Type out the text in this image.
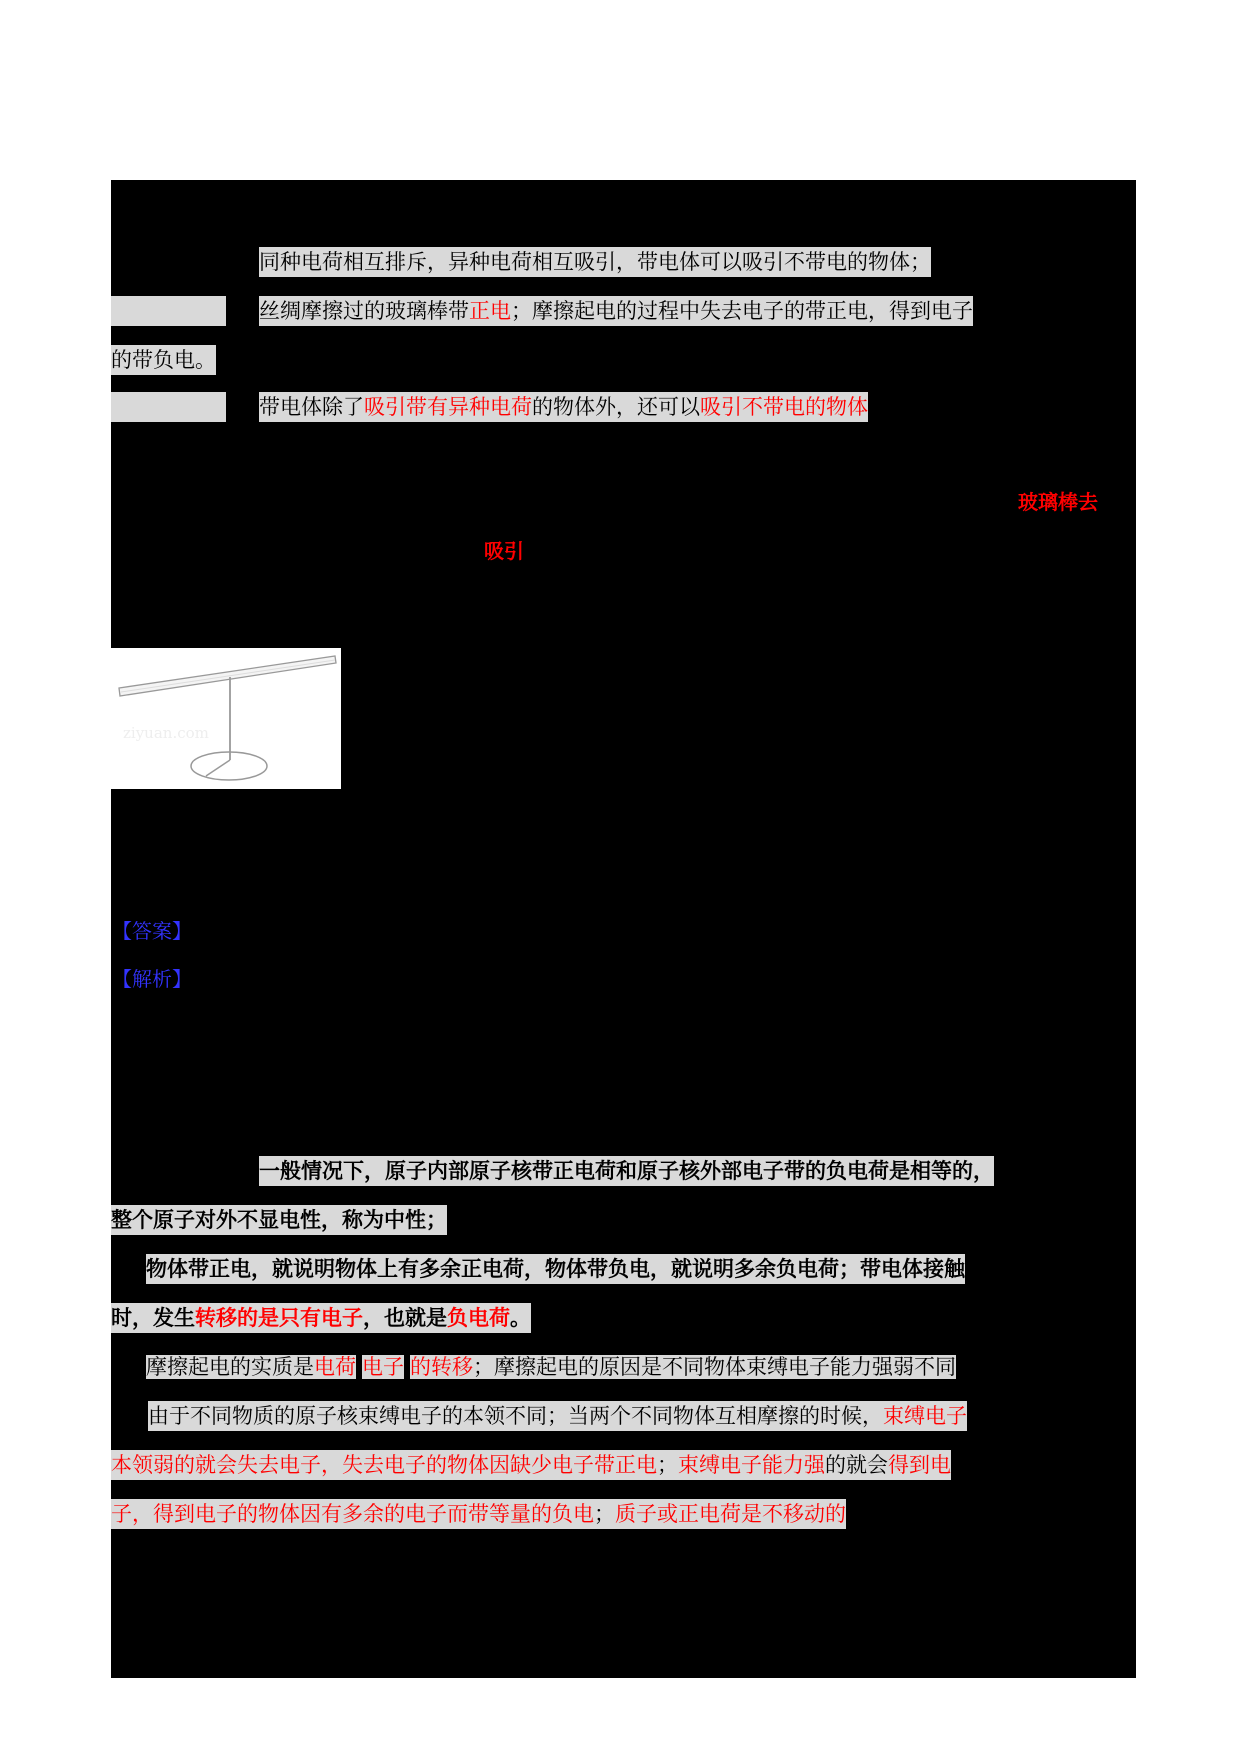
同种电荷相互排斥，异种电荷相互吸引，带电体可以吸引不带电的物体；
丝绸摩擦过的玻璃棒带正电；摩擦起电的过程中失去电子的带正电，得到电子
的带负电。
带电体除了吸引带有异种电荷的物体外，还可以吸引不带电的物体
玻璃棒去
吸引
ziyuan.com
【答案】
【解析】
一般情况下，原子内部原子核带正电荷和原子核外部电子带的负电荷是相等的，
整个原子对外不显电性，称为中性；
物体带正电，就说明物体上有多余正电荷，物体带负电，就说明多余负电荷；带电体接触
时，发生转移的是只有电子，也就是负电荷。
摩擦起电的实质是电荷 电子 的转移；摩擦起电的原因是不同物体束缚电子能力强弱不同
由于不同物质的原子核束缚电子的本领不同；当两个不同物体互相摩擦的时候，束缚电子
本领弱的就会失去电子，失去电子的物体因缺少电子带正电；束缚电子能力强的就会得到电
子，得到电子的物体因有多余的电子而带等量的负电；质子或正电荷是不移动的
